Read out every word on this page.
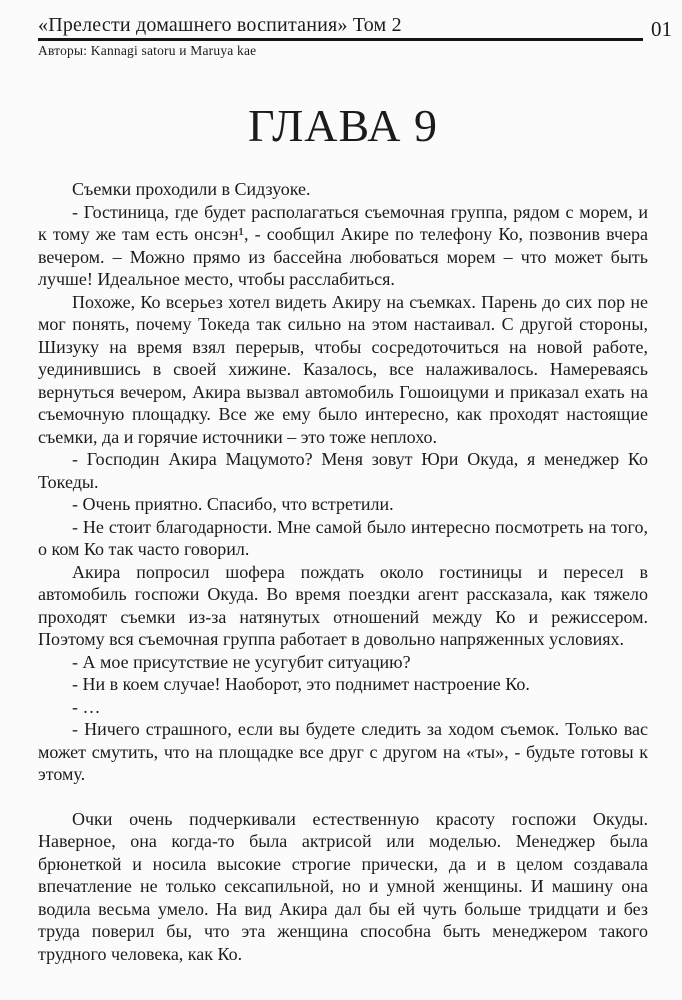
«Прелести домашнего воспитания» Том 2	01
Авторы: Kannagi satoru и Maruya kae
ГЛАВА 9

Съемки проходили в Сидзуоке.

- Гостиница, где будет располагаться съемочная группа, рядом с морем, и к тому же там есть онсэн¹, - сообщил Акире по телефону Ко, позвонив вчера вечером. – Можно прямо из бассейна любоваться морем – что может быть лучше! Идеальное место, чтобы расслабиться.

Похоже, Ко всерьез хотел видеть Акиру на съемках. Парень до сих пор не мог понять, почему Токеда так сильно на этом настаивал. С другой стороны, Шизуку на время взял перерыв, чтобы сосредоточиться на новой работе, уединившись в своей хижине. Казалось, все налаживалось. Намереваясь вернуться вечером, Акира вызвал автомобиль Гошоицуми и приказал ехать на съемочную площадку. Все же ему было интересно, как проходят настоящие съемки, да и горячие источники – это тоже неплохо.

- Господин Акира Мацумото? Меня зовут Юри Окуда, я менеджер Ко Токеды.

- Очень приятно. Спасибо, что встретили.

- Не стоит благодарности. Мне самой было интересно посмотреть на того, о ком Ко так часто говорил.

Акира попросил шофера пождать около гостиницы и пересел в автомобиль госпожи Окуда. Во время поездки агент рассказала, как тяжело проходят съемки из-за натянутых отношений между Ко и режиссером. Поэтому вся съемочная группа работает в довольно напряженных условиях.

- А мое присутствие не усугубит ситуацию?

- Ни в коем случае! Наоборот, это поднимет настроение Ко.

- …

- Ничего страшного, если вы будете следить за ходом съемок. Только вас может смутить, что на площадке все друг с другом на «ты», - будьте готовы к этому.

Очки очень подчеркивали естественную красоту госпожи Окуды. Наверное, она когда-то была актрисой или моделью. Менеджер была брюнеткой и носила высокие строгие прически, да и в целом создавала впечатление не только сексапильной, но и умной женщины. И машину она водила весьма умело. На вид Акира дал бы ей чуть больше тридцати и без труда поверил бы, что эта женщина способна быть менеджером такого трудного человека, как Ко.
